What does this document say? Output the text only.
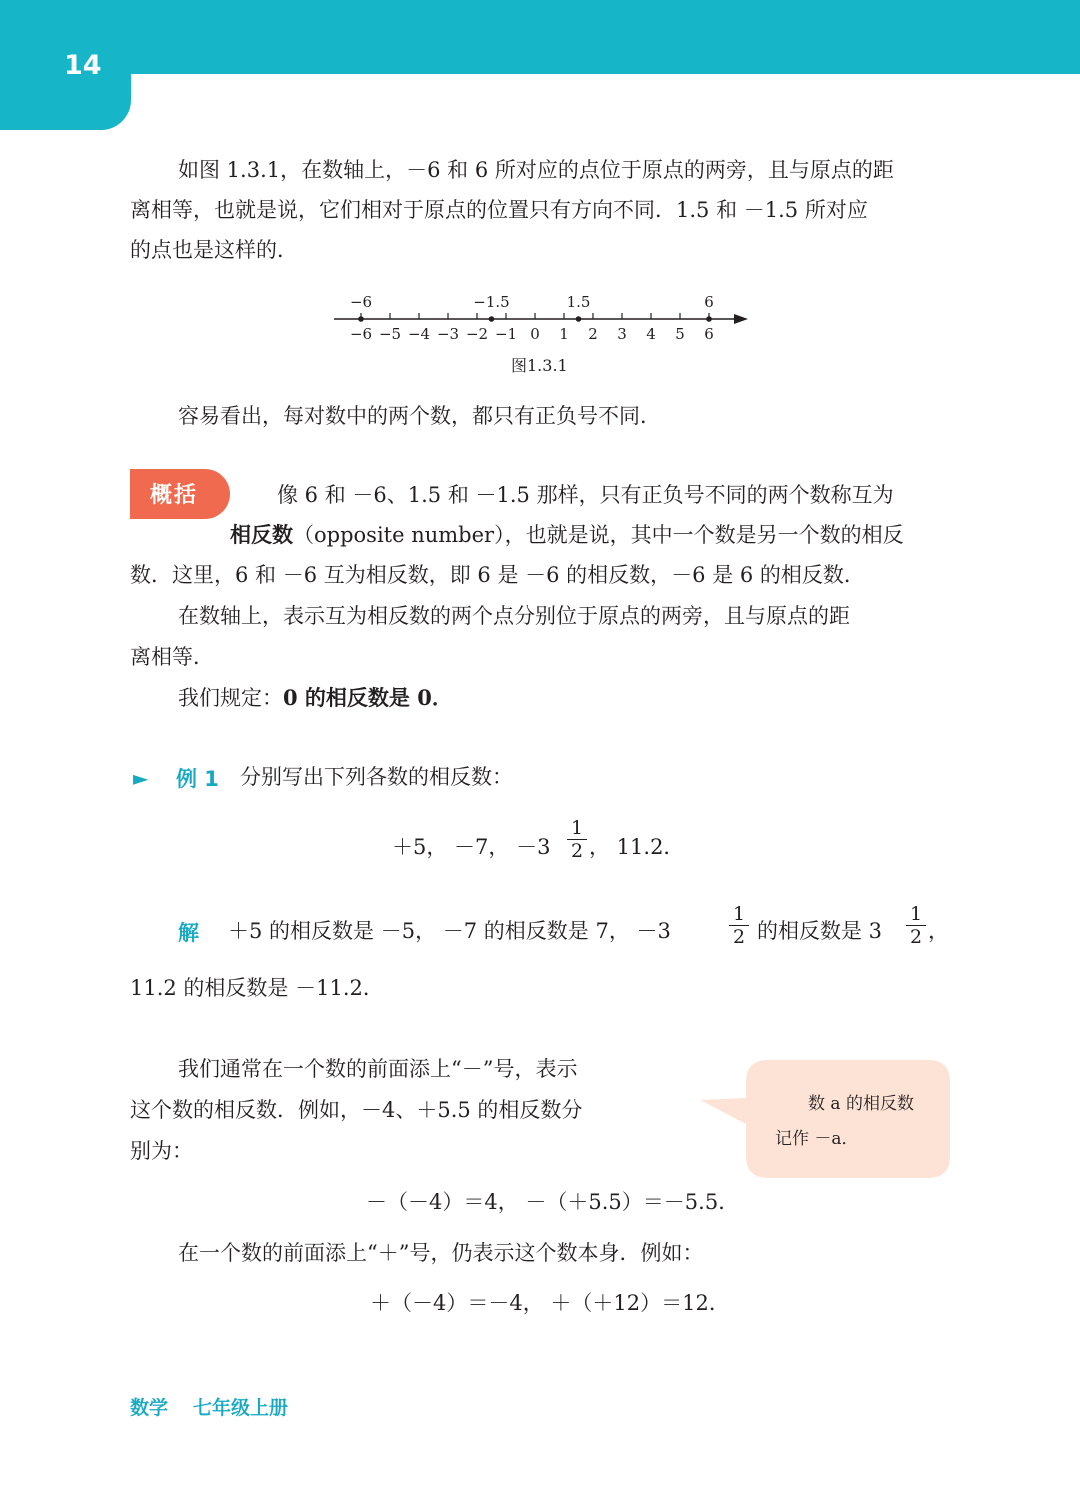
14
如图 1.3.1，在数轴上，－6 和 6 所对应的点位于原点的两旁，且与原点的距
离相等，也就是说，它们相对于原点的位置只有方向不同．1.5 和 －1.5 所对应
的点也是这样的．
−6 −5 −4 −3 −2 −1 0 1 2 3 4 5 6
−6	−1.5	1.5	6
图1.3.1
容易看出，每对数中的两个数，都只有正负号不同．
概括	像 6 和 －6、1.5 和 －1.5 那样，只有正负号不同的两个数称互为
相反数（opposite number），也就是说，其中一个数是另一个数的相反
数．这里，6 和 －6 互为相反数，即 6 是 －6 的相反数，－6 是 6 的相反数．
在数轴上，表示互为相反数的两个点分别位于原点的两旁，且与原点的距
离相等．
我们规定：0 的相反数是 0．
► 例 1 分别写出下列各数的相反数：
＋5， －7， －3
1
2 ， 11.2．
解 ＋5 的相反数是 －5， －7 的相反数是 7， －3
1
2 的相反数是 3
1
2 ，
11.2 的相反数是 －11.2．
我们通常在一个数的前面添上“－”号，表示
这个数的相反数．例如，－4、＋5.5 的相反数分
别为：
－（－4）＝4， －（＋5.5）＝－5.5．
在一个数的前面添上“＋”号，仍表示这个数本身．例如：
＋（－4）＝－4， ＋（＋12）＝12．
数 a 的相反数
记作 －a．
数学 七年级上册
